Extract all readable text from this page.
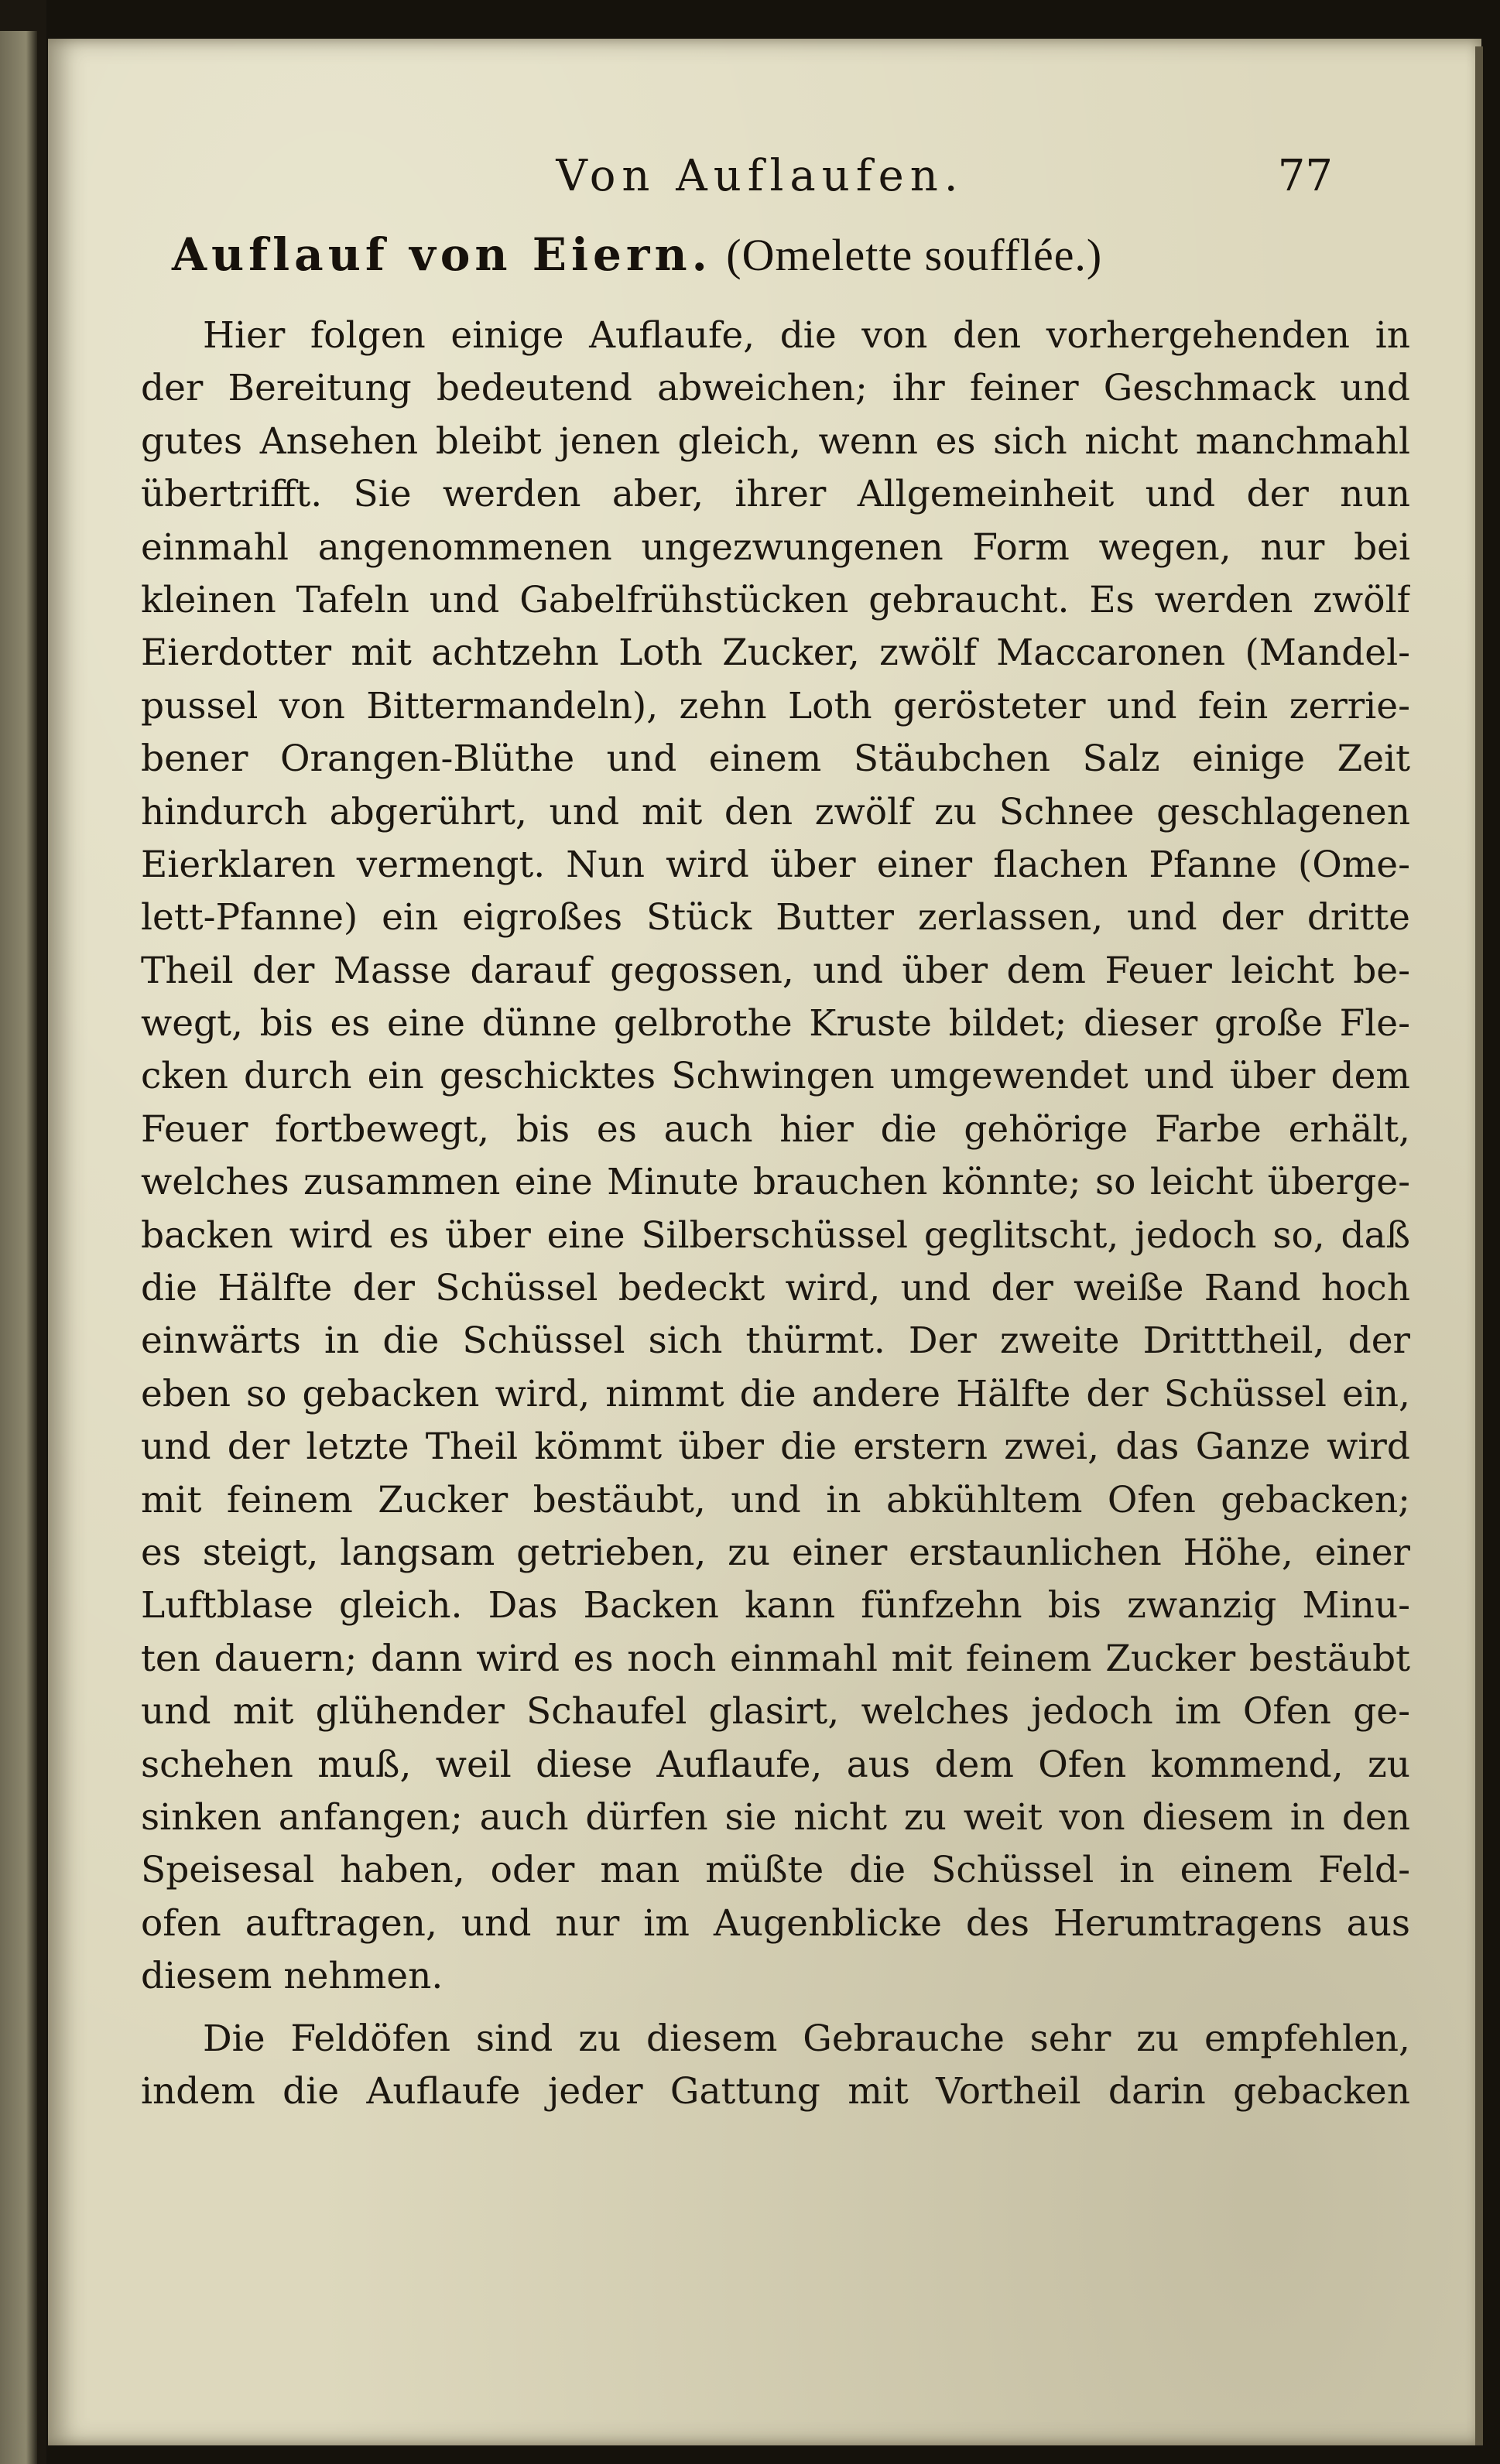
Von Auflaufen.	77
Auflauf von Eiern. (Omelette soufflée.)
Hier folgen einige Auflaufe, die von den vorhergehenden in
der Bereitung bedeutend abweichen; ihr feiner Geschmack und
gutes Ansehen bleibt jenen gleich, wenn es sich nicht manchmahl
übertrifft. Sie werden aber, ihrer Allgemeinheit und der nun
einmahl angenommenen ungezwungenen Form wegen, nur bei
kleinen Tafeln und Gabelfrühstücken gebraucht. Es werden zwölf
Eierdotter mit achtzehn Loth Zucker, zwölf Maccaronen (Mandel-
pussel von Bittermandeln), zehn Loth gerösteter und fein zerrie-
bener Orangen-Blüthe und einem Stäubchen Salz einige Zeit
hindurch abgerührt, und mit den zwölf zu Schnee geschlagenen
Eierklaren vermengt. Nun wird über einer flachen Pfanne (Ome-
lett-Pfanne) ein eigroßes Stück Butter zerlassen, und der dritte
Theil der Masse darauf gegossen, und über dem Feuer leicht be-
wegt, bis es eine dünne gelbrothe Kruste bildet; dieser große Fle-
cken durch ein geschicktes Schwingen umgewendet und über dem
Feuer fortbewegt, bis es auch hier die gehörige Farbe erhält,
welches zusammen eine Minute brauchen könnte; so leicht überge-
backen wird es über eine Silberschüssel geglitscht, jedoch so, daß
die Hälfte der Schüssel bedeckt wird, und der weiße Rand hoch
einwärts in die Schüssel sich thürmt. Der zweite Dritttheil, der
eben so gebacken wird, nimmt die andere Hälfte der Schüssel ein,
und der letzte Theil kömmt über die erstern zwei, das Ganze wird
mit feinem Zucker bestäubt, und in abkühltem Ofen gebacken;
es steigt, langsam getrieben, zu einer erstaunlichen Höhe, einer
Luftblase gleich. Das Backen kann fünfzehn bis zwanzig Minu-
ten dauern; dann wird es noch einmahl mit feinem Zucker bestäubt
und mit glühender Schaufel glasirt, welches jedoch im Ofen ge-
schehen muß, weil diese Auflaufe, aus dem Ofen kommend, zu
sinken anfangen; auch dürfen sie nicht zu weit von diesem in den
Speisesal haben, oder man müßte die Schüssel in einem Feld-
ofen auftragen, und nur im Augenblicke des Herumtragens aus
diesem nehmen.
Die Feldöfen sind zu diesem Gebrauche sehr zu empfehlen,
indem die Auflaufe jeder Gattung mit Vortheil darin gebacken
